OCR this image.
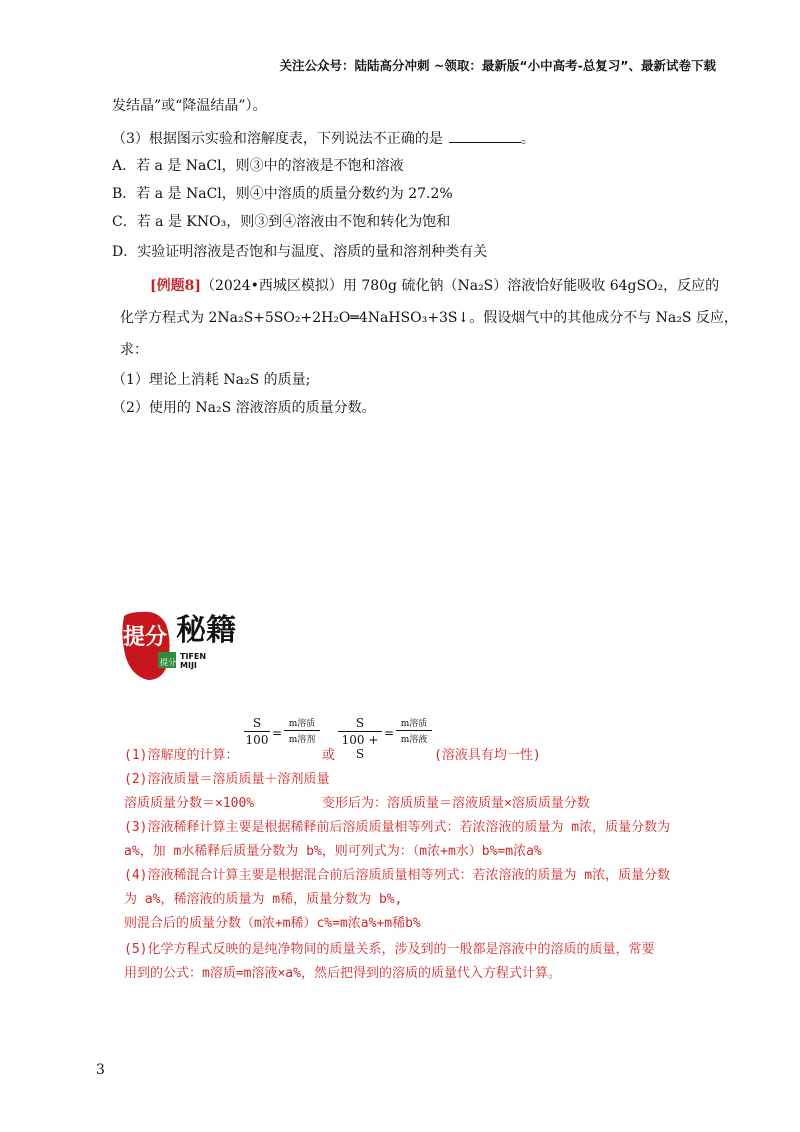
关注公众号：陆陆高分冲刺 ~领取：最新版“小中高考-总复习”、最新试卷下载
发结晶”或“降温结晶”）。
（3）根据图示实验和溶解度表，下列说法不正确的是	。
A．若 a 是 NaCl，则③中的溶液是不饱和溶液
B．若 a 是 NaCl，则④中溶质的质量分数约为 27.2%
C．若 a 是 KNO₃，则③到④溶液由不饱和转化为饱和
D．实验证明溶液是否饱和与温度、溶质的量和溶剂种类有关
[例题8]（2024•西城区模拟）用 780g 硫化钠（Na₂S）溶液恰好能吸收 64gSO₂，反应的
化学方程式为 2Na₂S+5SO₂+2H₂O═4NaHSO₃+3S↓。假设烟气中的其他成分不与 Na₂S 反应，
求：
（1）理论上消耗 Na₂S 的质量;
（2）使用的 Na₂S 溶液溶质的质量分数。
提分 秘籍
提分
TIFEN
MIJI
S
100 =
m溶质
m溶剂
或
S
100 + S
=
m溶质
m溶液
(1)溶解度的计算：	(溶液具有均一性)
(2)溶液质量＝溶质质量＋溶剂质量
溶质质量分数＝×100%	变形后为：溶质质量＝溶液质量×溶质质量分数
(3)溶液稀释计算主要是根据稀释前后溶质质量相等列式：若浓溶液的质量为 m浓，质量分数为
a%，加 m水稀释后质量分数为 b%，则可列式为：（m浓+m水）b%=m浓a%
(4)溶液稀混合计算主要是根据混合前后溶质质量相等列式：若浓溶液的质量为 m浓，质量分数
为 a%，稀溶液的质量为 m稀，质量分数为 b%,
则混合后的质量分数（m浓+m稀）c%=m浓a%+m稀b%
(5)化学方程式反映的是纯净物间的质量关系，涉及到的一般都是溶液中的溶质的质量，常要
用到的公式：m溶质=m溶液×a%，然后把得到的溶质的质量代入方程式计算。
3
